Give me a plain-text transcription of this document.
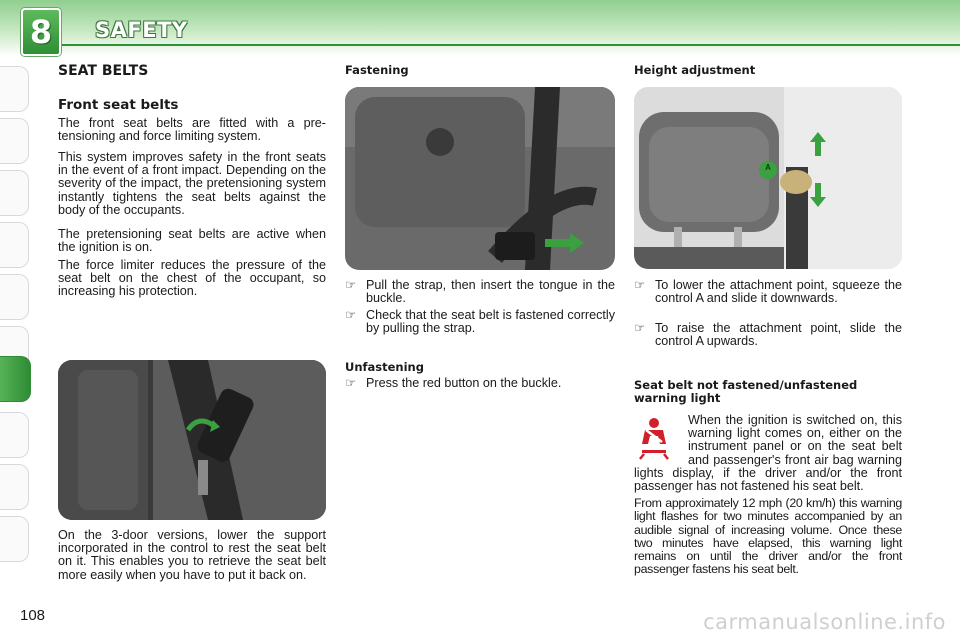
8	SAFETY
SEAT BELTS
Front seat belts
The front seat belts are fitted with a pre-tensioning and force limiting system.
This system improves safety in the front seats in the event of a front impact. Depending on the severity of the impact, the pretensioning system instantly tightens the seat belts against the body of the occupants.
The pretensioning seat belts are active when the ignition is on.
The force limiter reduces the pressure of the seat belt on the chest of the occupant, so increasing his protection.
On the 3-door versions, lower the support incorporated in the control to rest the seat belt on it. This enables you to retrieve the seat belt more easily when you have to put it back on.
Fastening
☞ Pull the strap, then insert the tongue in the buckle.
☞ Check that the seat belt is fastened correctly by pulling the strap.
Unfastening
☞ Press the red button on the buckle.
Height adjustment
A
☞ To lower the attachment point, squeeze the control A and slide it downwards.
☞ To raise the attachment point, slide the control A upwards.
Seat belt not fastened/unfastened
warning light
When the ignition is switched on, this warning light comes on, either on the instrument panel or on the seat belt and passenger's front air bag warning lights display, if the driver and/or the front passenger has not fastened his seat belt.
From approximately 12 mph (20 km/h) this warning light flashes for two minutes accompanied by an audible signal of increasing volume. Once these two minutes have elapsed, this warning light remains on until the driver and/or the front passenger fastens his seat belt.
108	carmanualsonline.info
